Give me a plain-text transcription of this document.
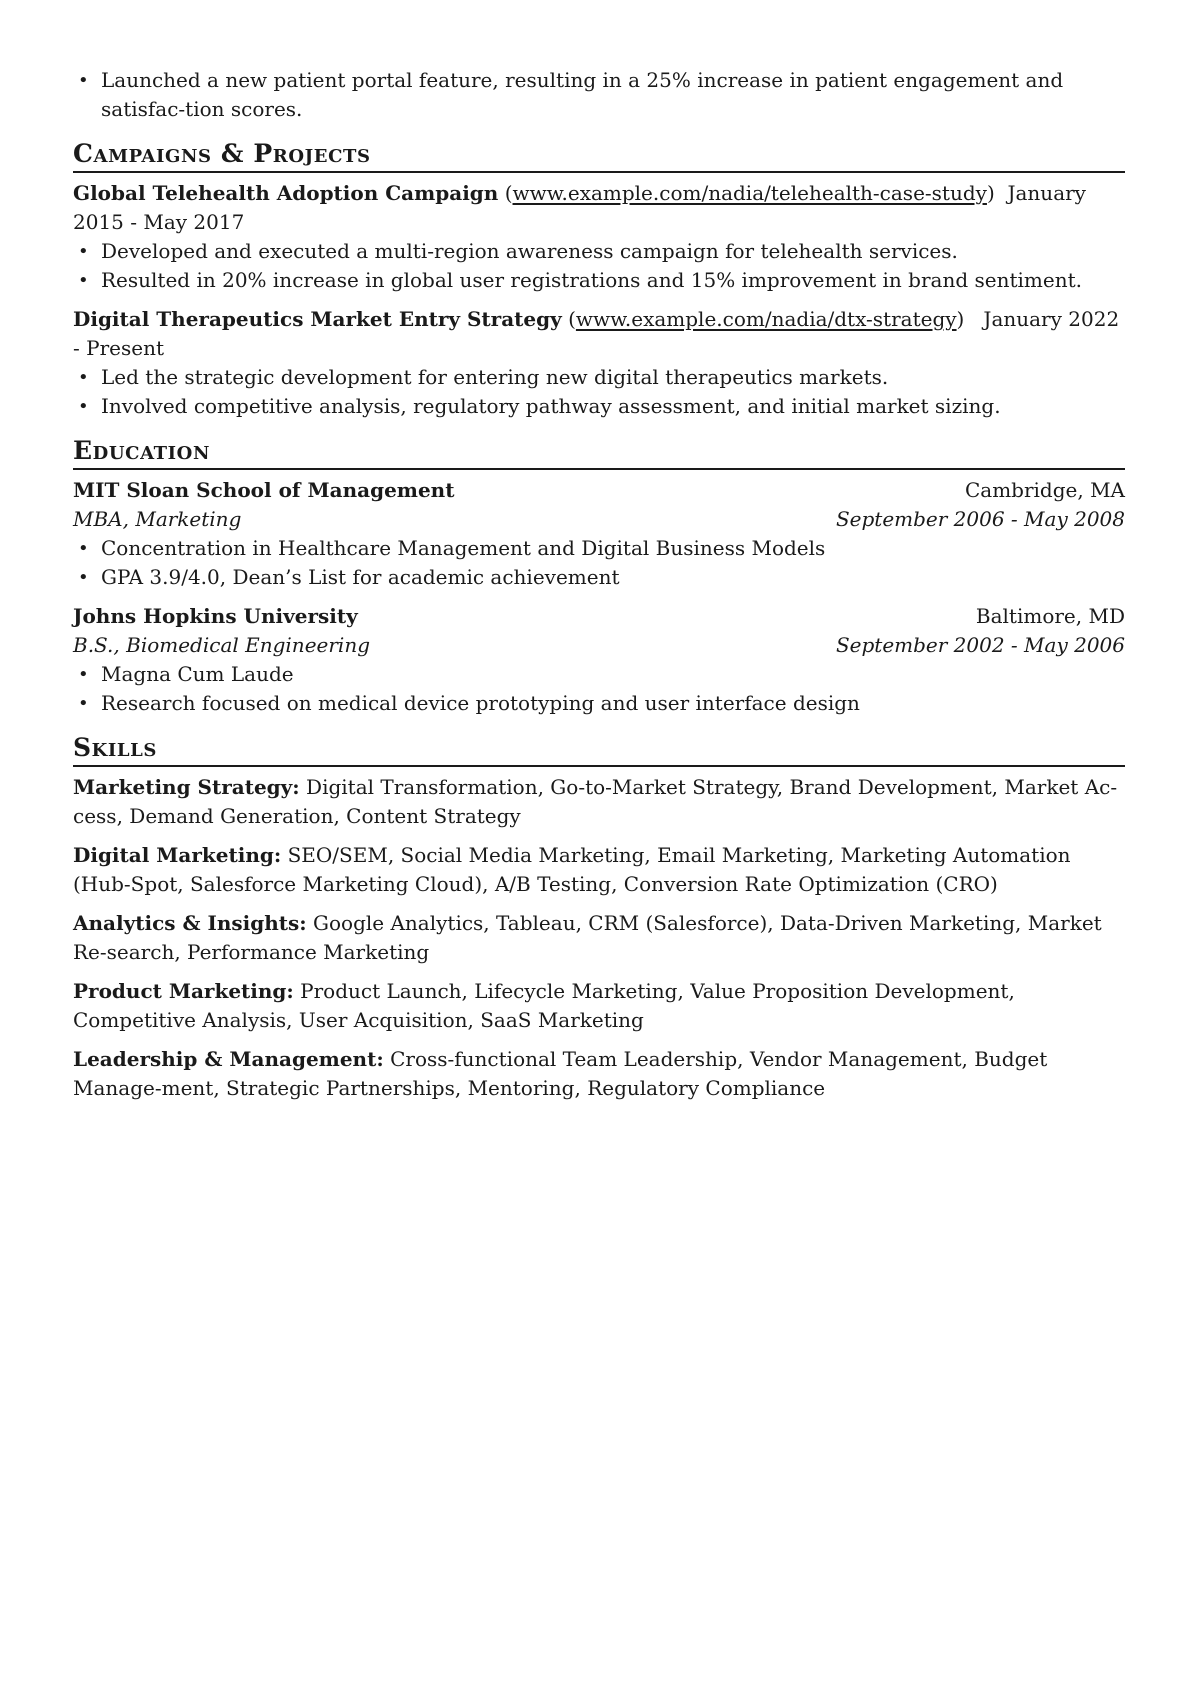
• Launched a new patient portal feature, resulting in a 25% increase in patient engagement and satisfac-tion scores.
Campaigns & Projects
Global Telehealth Adoption Campaign (www.example.com/nadia/telehealth-case-study)  January 2015 - May 2017
• Developed and executed a multi-region awareness campaign for telehealth services.
• Resulted in 20% increase in global user registrations and 15% improvement in brand sentiment.
Digital Therapeutics Market Entry Strategy (www.example.com/nadia/dtx-strategy)   January 2022 - Present
• Led the strategic development for entering new digital therapeutics markets.
• Involved competitive analysis, regulatory pathway assessment, and initial market sizing.
Education
MIT Sloan School of Management	Cambridge, MA
MBA, Marketing	September 2006 - May 2008
• Concentration in Healthcare Management and Digital Business Models
• GPA 3.9/4.0, Dean’s List for academic achievement
Johns Hopkins University	Baltimore, MD
B.S., Biomedical Engineering	September 2002 - May 2006
• Magna Cum Laude
• Research focused on medical device prototyping and user interface design
Skills
Marketing Strategy: Digital Transformation, Go-to-Market Strategy, Brand Development, Market Ac-cess, Demand Generation, Content Strategy
Digital Marketing: SEO/SEM, Social Media Marketing, Email Marketing, Marketing Automation (Hub-Spot, Salesforce Marketing Cloud), A/B Testing, Conversion Rate Optimization (CRO)
Analytics & Insights: Google Analytics, Tableau, CRM (Salesforce), Data-Driven Marketing, Market Re-search, Performance Marketing
Product Marketing: Product Launch, Lifecycle Marketing, Value Proposition Development, Competitive Analysis, User Acquisition, SaaS Marketing
Leadership & Management: Cross-functional Team Leadership, Vendor Management, Budget Manage-ment, Strategic Partnerships, Mentoring, Regulatory Compliance
